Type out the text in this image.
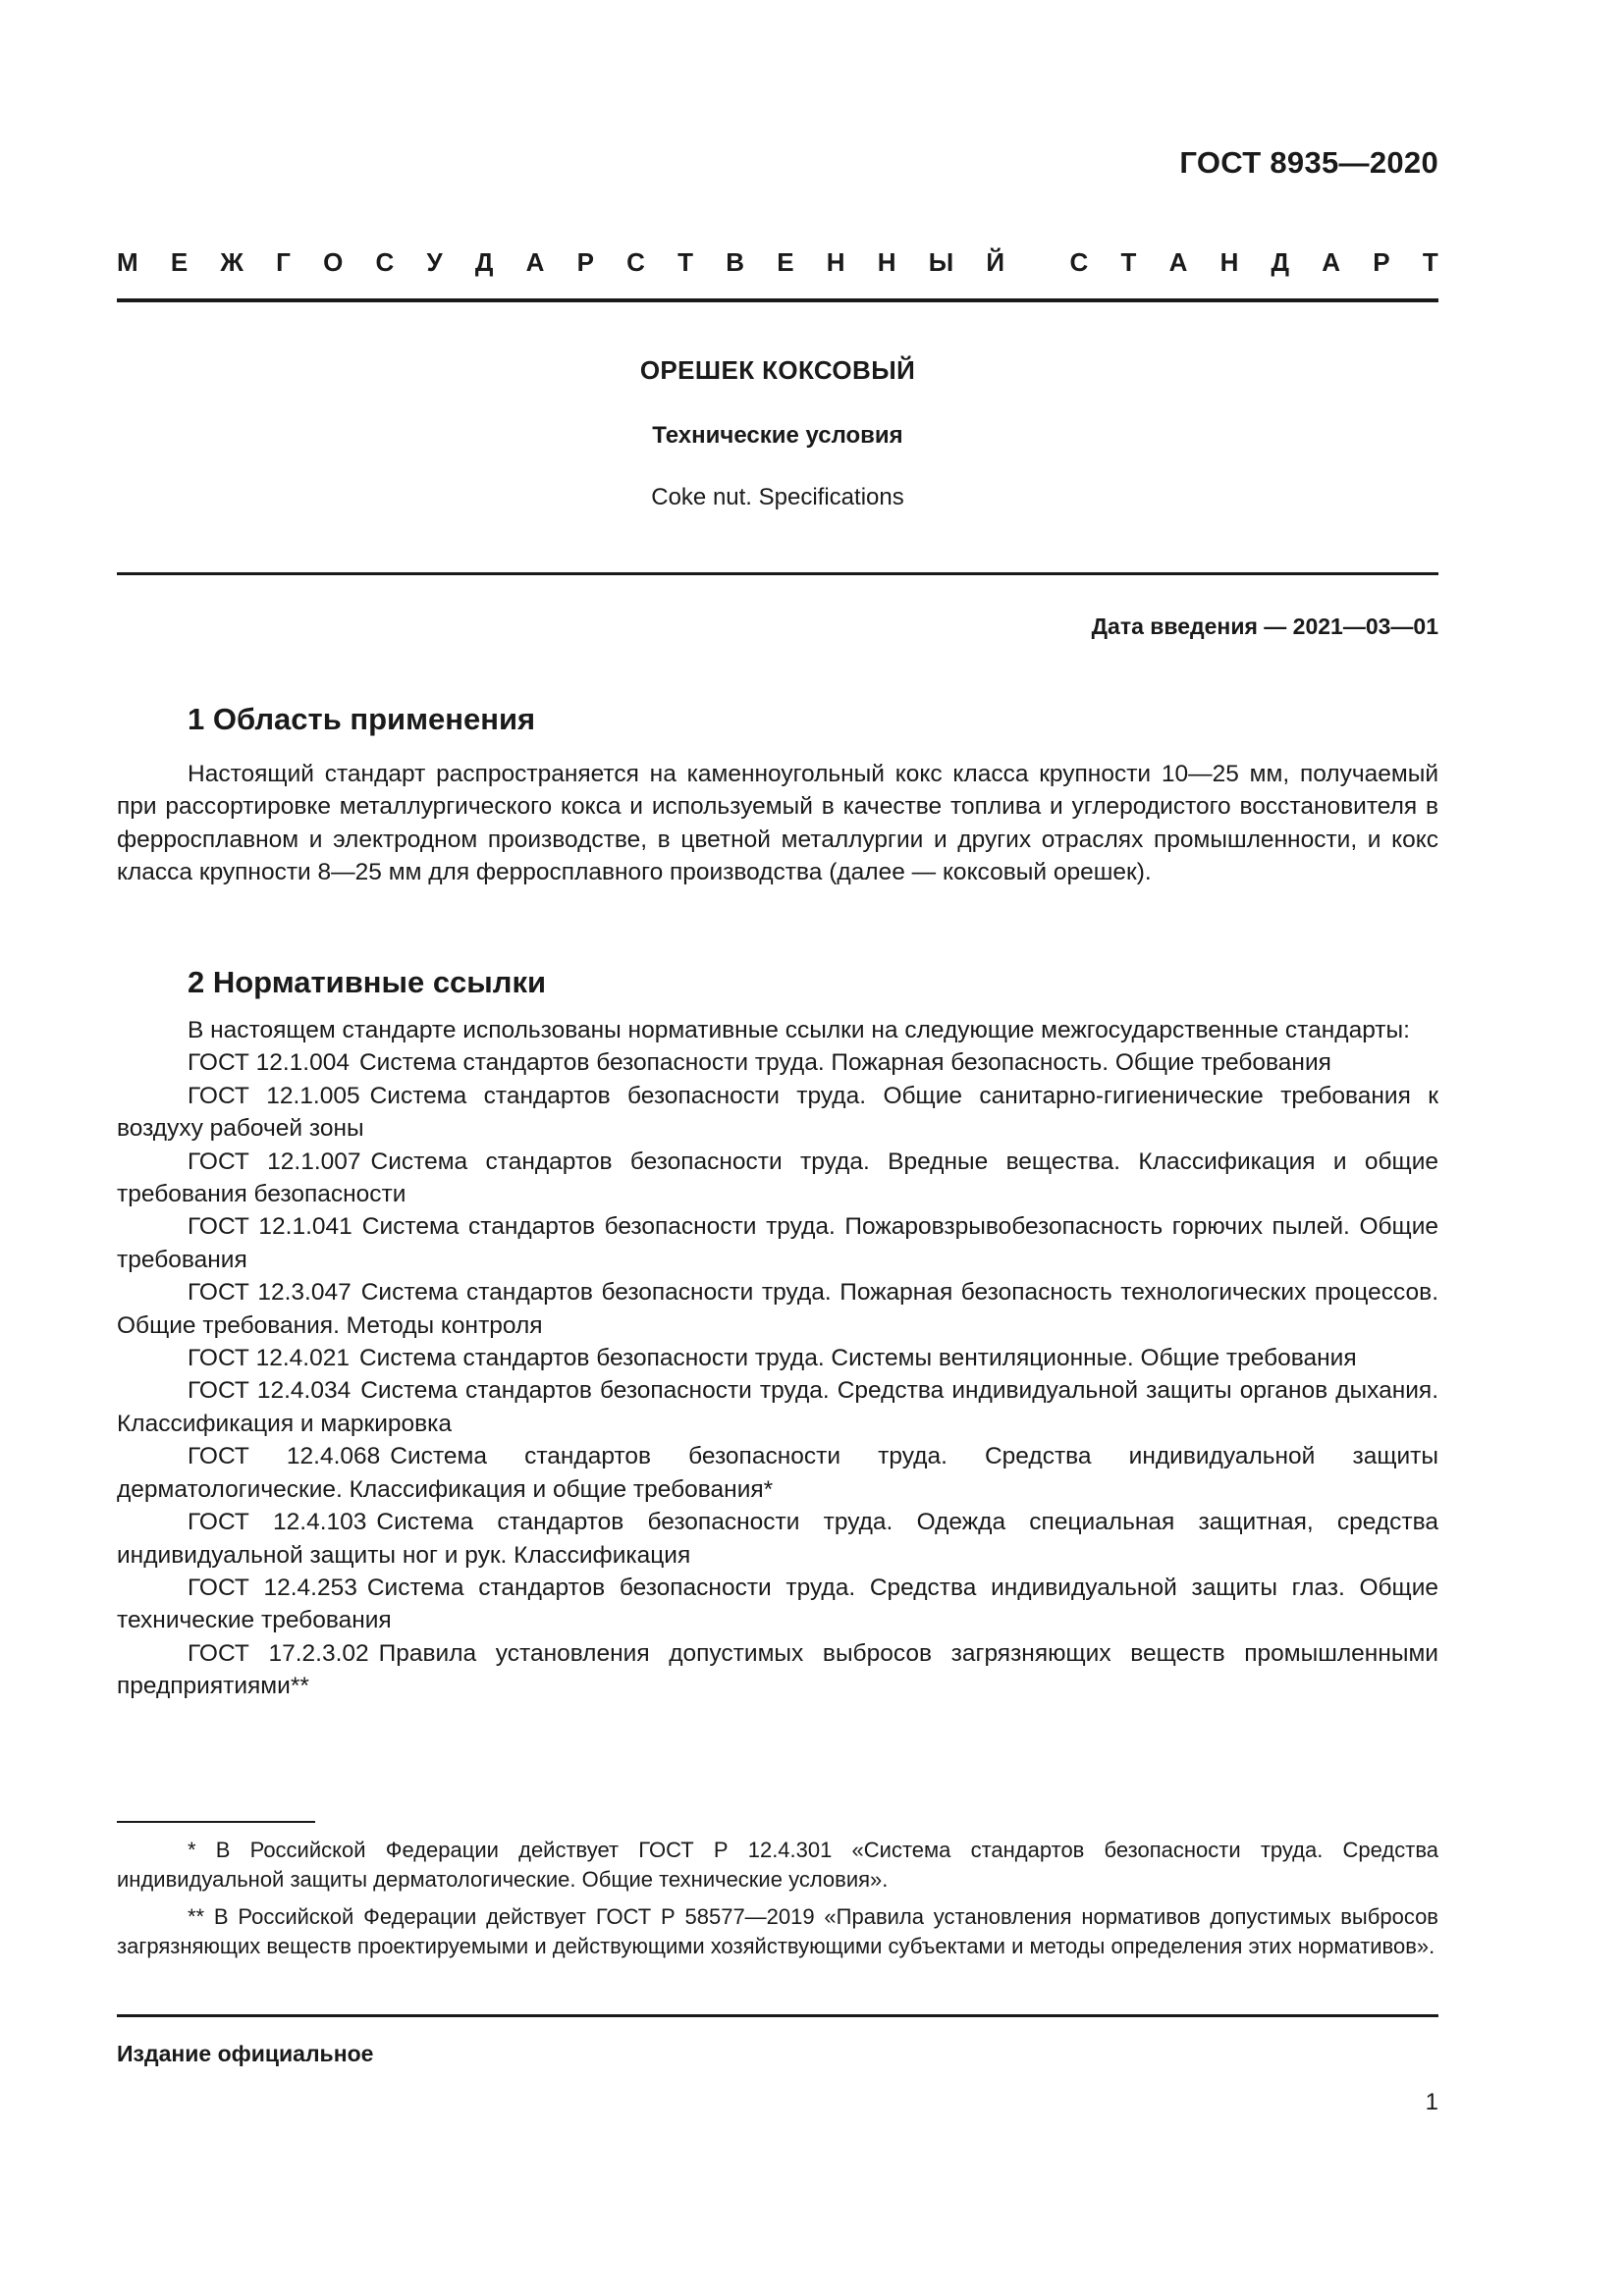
ГОСТ 8935—2020
М Е Ж Г О С У Д А Р С Т В Е Н Н Ы Й	С Т А Н Д А Р Т
ОРЕШЕК КОКСОВЫЙ
Технические условия
Coke nut. Specifications
Дата введения — 2021—03—01
1 Область применения

Настоящий стандарт распространяется на каменноугольный кокс класса крупности 10—25 мм, получаемый при рассортировке металлургического кокса и используемый в качестве топлива и углеродистого восстановителя в ферросплавном и электродном производстве, в цветной металлургии и других отраслях промышленности, и кокс класса крупности 8—25 мм для ферросплавного производства (далее — коксовый орешек).

2 Нормативные ссылки

В настоящем стандарте использованы нормативные ссылки на следующие межгосударственные стандарты:

ГОСТ 12.1.004 Система стандартов безопасности труда. Пожарная безопасность. Общие требования
ГОСТ 12.1.005 Система стандартов безопасности труда. Общие санитарно-гигиенические требования к воздуху рабочей зоны
ГОСТ 12.1.007 Система стандартов безопасности труда. Вредные вещества. Классификация и общие требования безопасности
ГОСТ 12.1.041 Система стандартов безопасности труда. Пожаровзрывобезопасность горючих пылей. Общие требования
ГОСТ 12.3.047 Система стандартов безопасности труда. Пожарная безопасность технологических процессов. Общие требования. Методы контроля
ГОСТ 12.4.021 Система стандартов безопасности труда. Системы вентиляционные. Общие требования
ГОСТ 12.4.034 Система стандартов безопасности труда. Средства индивидуальной защиты органов дыхания. Классификация и маркировка
ГОСТ 12.4.068 Система стандартов безопасности труда. Средства индивидуальной защиты дерматологические. Классификация и общие требования*
ГОСТ 12.4.103 Система стандартов безопасности труда. Одежда специальная защитная, средства индивидуальной защиты ног и рук. Классификация
ГОСТ 12.4.253 Система стандартов безопасности труда. Средства индивидуальной защиты глаз. Общие технические требования
ГОСТ 17.2.3.02 Правила установления допустимых выбросов загрязняющих веществ промышленными предприятиями**

* В Российской Федерации действует ГОСТ Р 12.4.301 «Система стандартов безопасности труда. Средства индивидуальной защиты дерматологические. Общие технические условия».

** В Российской Федерации действует ГОСТ Р 58577—2019 «Правила установления нормативов допустимых выбросов загрязняющих веществ проектируемыми и действующими хозяйствующими субъектами и методы определения этих нормативов».

Издание официальное
1
